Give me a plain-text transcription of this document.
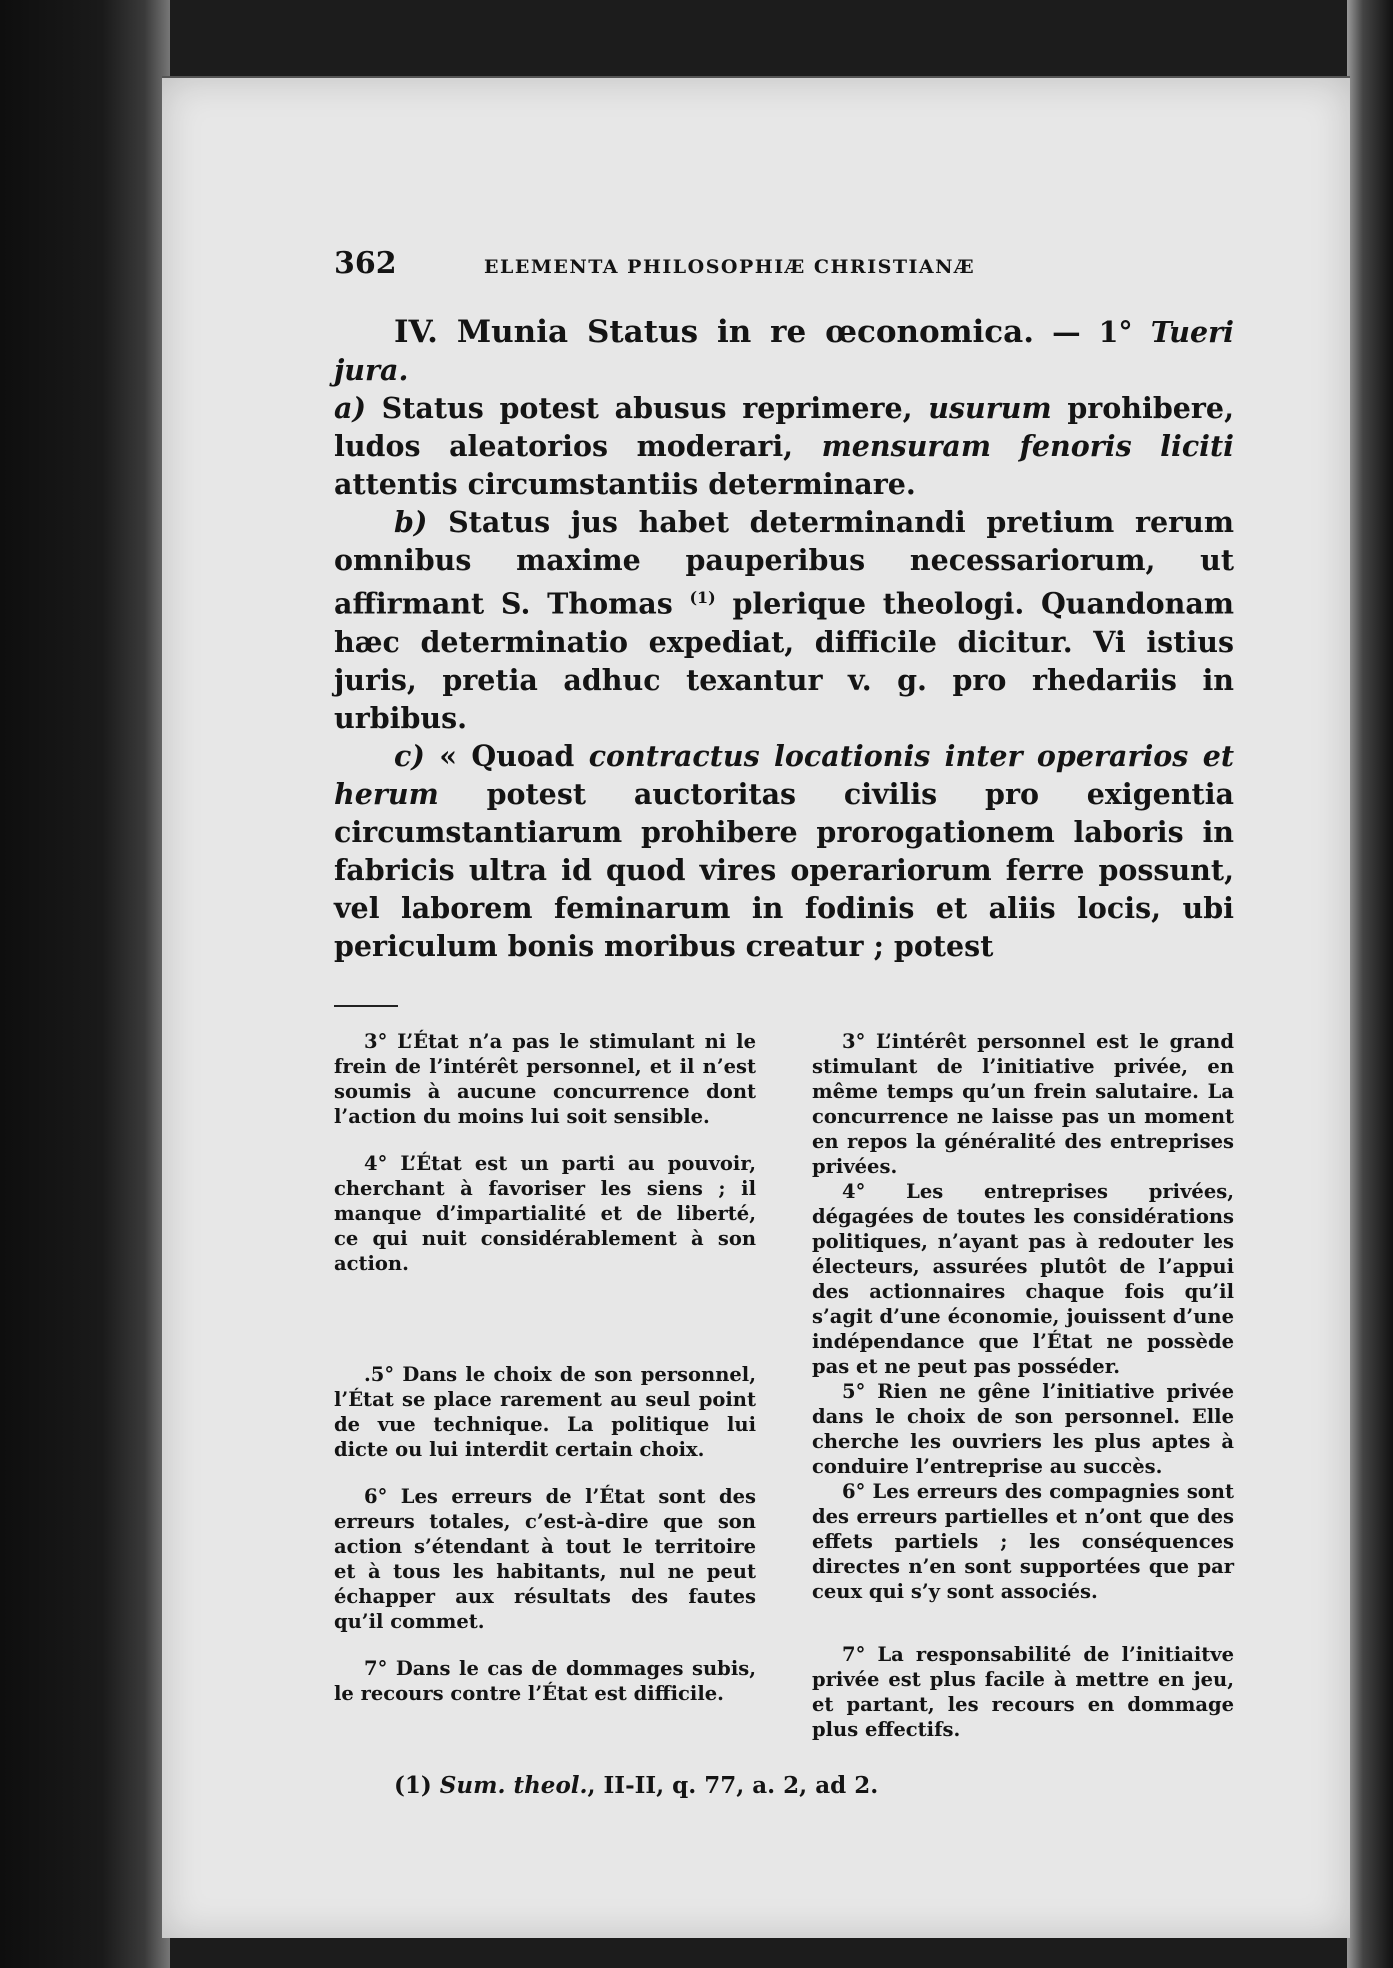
362	ELEMENTA PHILOSOPHIÆ CHRISTIANÆ

IV. Munia Status in re œconomica. — 1° Tueri jura.

a) Status potest abusus reprimere, usurum prohibere, ludos aleatorios moderari, mensuram fenoris liciti attentis circumstantiis determinare.

b) Status jus habet determinandi pretium rerum omnibus maxime pauperibus necessariorum, ut affirmant S. Thomas $^{(1)}$ plerique theologi. Quandonam hæc determinatio expediat, difficile dicitur. Vi istius juris, pretia adhuc texantur v. g. pro rhedariis in urbibus.

c) « Quoad contractus locationis inter operarios et herum potest auctoritas civilis pro exigentia circumstantiarum prohibere prorogationem laboris in fabricis ultra id quod vires operariorum ferre possunt, vel laborem feminarum in fodinis et aliis locis, ubi periculum bonis moribus creatur ; potest

3° L’État n’a pas le stimulant ni le frein de l’intérêt personnel, et il n’est soumis à aucune concurrence dont l’action du moins lui soit sensible.

4° L’État est un parti au pouvoir, cherchant à favoriser les siens ; il manque d’impartialité et de liberté, ce qui nuit considérablement à son action.

.5° Dans le choix de son personnel, l’État se place rarement au seul point de vue technique. La politique lui dicte ou lui interdit certain choix.

6° Les erreurs de l’État sont des erreurs totales, c’est-à-dire que son action s’étendant à tout le territoire et à tous les habitants, nul ne peut échapper aux résultats des fautes qu’il commet.

7° Dans le cas de dommages subis, le recours contre l’État est difficile.

3° L’intérêt personnel est le grand stimulant de l’initiative privée, en même temps qu’un frein salutaire. La concurrence ne laisse pas un moment en repos la généralité des entreprises privées.

4° Les entreprises privées, dégagées de toutes les considérations politiques, n’ayant pas à redouter les électeurs, assurées plutôt de l’appui des actionnaires chaque fois qu’il s’agit d’une économie, jouissent d’une indépendance que l’État ne possède pas et ne peut pas posséder.

5° Rien ne gêne l’initiative privée dans le choix de son personnel. Elle cherche les ouvriers les plus aptes à conduire l’entreprise au succès.

6° Les erreurs des compagnies sont des erreurs partielles et n’ont que des effets partiels ; les conséquences directes n’en sont supportées que par ceux qui s’y sont associés.

7° La responsabilité de l’initiaitve privée est plus facile à mettre en jeu, et partant, les recours en dommage plus effectifs.

(1) Sum. theol., II-II, q. 77, a. 2, ad 2.
